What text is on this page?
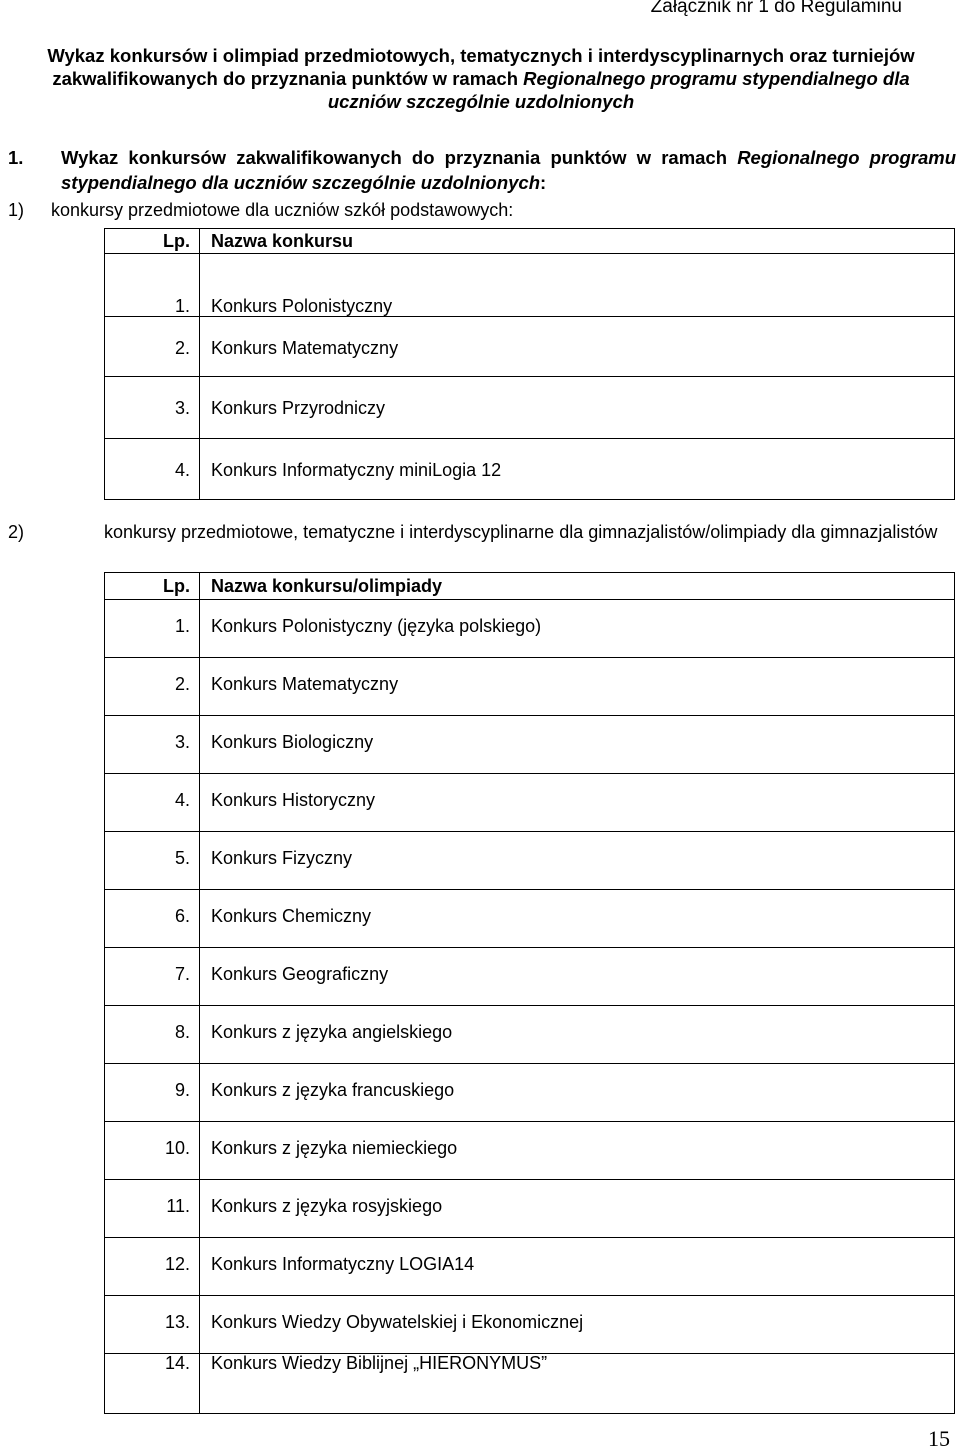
Załącznik nr 1 do Regulaminu
Wykaz konkursów i olimpiad przedmiotowych, tematycznych i interdyscyplinarnych oraz turniejów
zakwalifikowanych do przyznania punktów w ramach Regionalnego programu stypendialnego dla
uczniów szczególnie uzdolnionych
1. Wykaz konkursów zakwalifikowanych do przyznania punktów w ramach Regionalnego programu stypendialnego dla uczniów szczególnie uzdolnionych:
1) konkursy przedmiotowe dla uczniów szkół podstawowych:
Lp.	Nazwa konkursu
1.	Konkurs Polonistyczny
2.	Konkurs Matematyczny
3.	Konkurs Przyrodniczy
4.	Konkurs Informatyczny miniLogia 12
2)	konkursy przedmiotowe, tematyczne i interdyscyplinarne dla gimnazjalistów/olimpiady dla gimnazjalistów
Lp.	Nazwa konkursu/olimpiady
1.	Konkurs Polonistyczny (języka polskiego)
2.	Konkurs Matematyczny
3.	Konkurs Biologiczny
4.	Konkurs Historyczny
5.	Konkurs Fizyczny
6.	Konkurs Chemiczny
7.	Konkurs Geograficzny
8.	Konkurs z języka angielskiego
9.	Konkurs z języka francuskiego
10.	Konkurs z języka niemieckiego
11.	Konkurs z języka rosyjskiego
12.	Konkurs Informatyczny LOGIA14
13.	Konkurs Wiedzy Obywatelskiej i Ekonomicznej
14.	Konkurs Wiedzy Biblijnej „HIERONYMUS”
15
